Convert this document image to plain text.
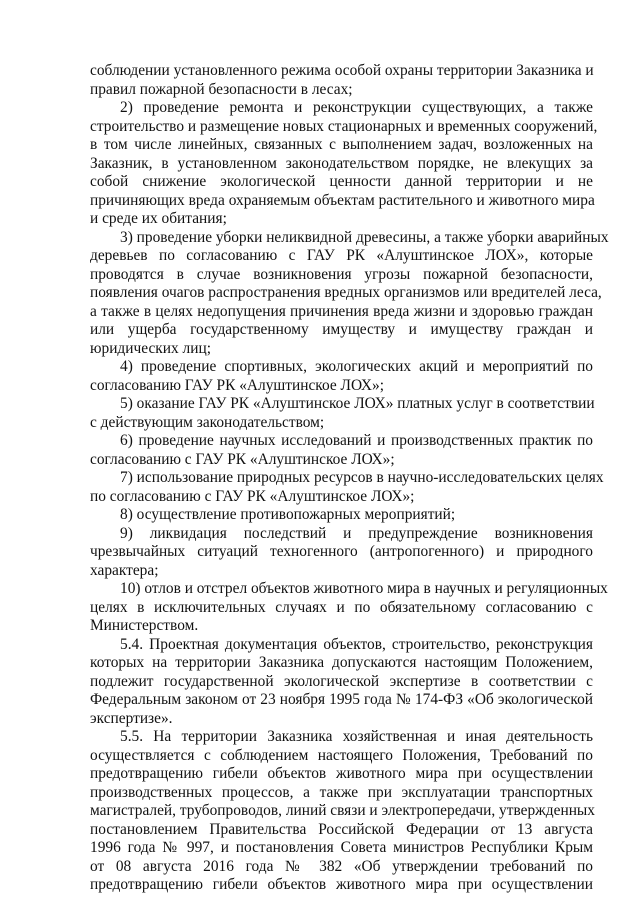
соблюдении установленного режима особой охраны территории Заказника и
правил пожарной безопасности в лесах;
2) проведение ремонта и реконструкции существующих, а также
строительство и размещение новых стационарных и временных сооружений,
в том числе линейных, связанных с выполнением задач, возложенных на
Заказник, в установленном законодательством порядке, не влекущих за
собой снижение экологической ценности данной территории и не
причиняющих вреда охраняемым объектам растительного и животного мира
и среде их обитания;
3) проведение уборки неликвидной древесины, а также уборки аварийных
деревьев по согласованию с ГАУ РК «Алуштинское ЛОХ», которые
проводятся в случае возникновения угрозы пожарной безопасности,
появления очагов распространения вредных организмов или вредителей леса,
а также в целях недопущения причинения вреда жизни и здоровью граждан
или ущерба государственному имуществу и имуществу граждан и
юридических лиц;
4) проведение спортивных, экологических акций и мероприятий по
согласованию ГАУ РК «Алуштинское ЛОХ»;
5) оказание ГАУ РК «Алуштинское ЛОХ» платных услуг в соответствии
с действующим законодательством;
6) проведение научных исследований и производственных практик по
согласованию с ГАУ РК «Алуштинское ЛОХ»;
7) использование природных ресурсов в научно-исследовательских целях
по согласованию с ГАУ РК «Алуштинское ЛОХ»;
8) осуществление противопожарных мероприятий;
9) ликвидация последствий и предупреждение возникновения
чрезвычайных ситуаций техногенного (антропогенного) и природного
характера;
10) отлов и отстрел объектов животного мира в научных и регуляционных
целях в исключительных случаях и по обязательному согласованию с
Министерством.
5.4. Проектная документация объектов, строительство, реконструкция
которых на территории Заказника допускаются настоящим Положением,
подлежит государственной экологической экспертизе в соответствии с
Федеральным законом от 23 ноября 1995 года № 174-ФЗ «Об экологической
экспертизе».
5.5. На территории Заказника хозяйственная и иная деятельность
осуществляется с соблюдением настоящего Положения, Требований по
предотвращению гибели объектов животного мира при осуществлении
производственных процессов, а также при эксплуатации транспортных
магистралей, трубопроводов, линий связи и электропередачи, утвержденных
постановлением Правительства Российской Федерации от 13 августа
1996 года № 997, и постановления Совета министров Республики Крым
от 08 августа 2016 года № 382 «Об утверждении требований по
предотвращению гибели объектов животного мира при осуществлении
